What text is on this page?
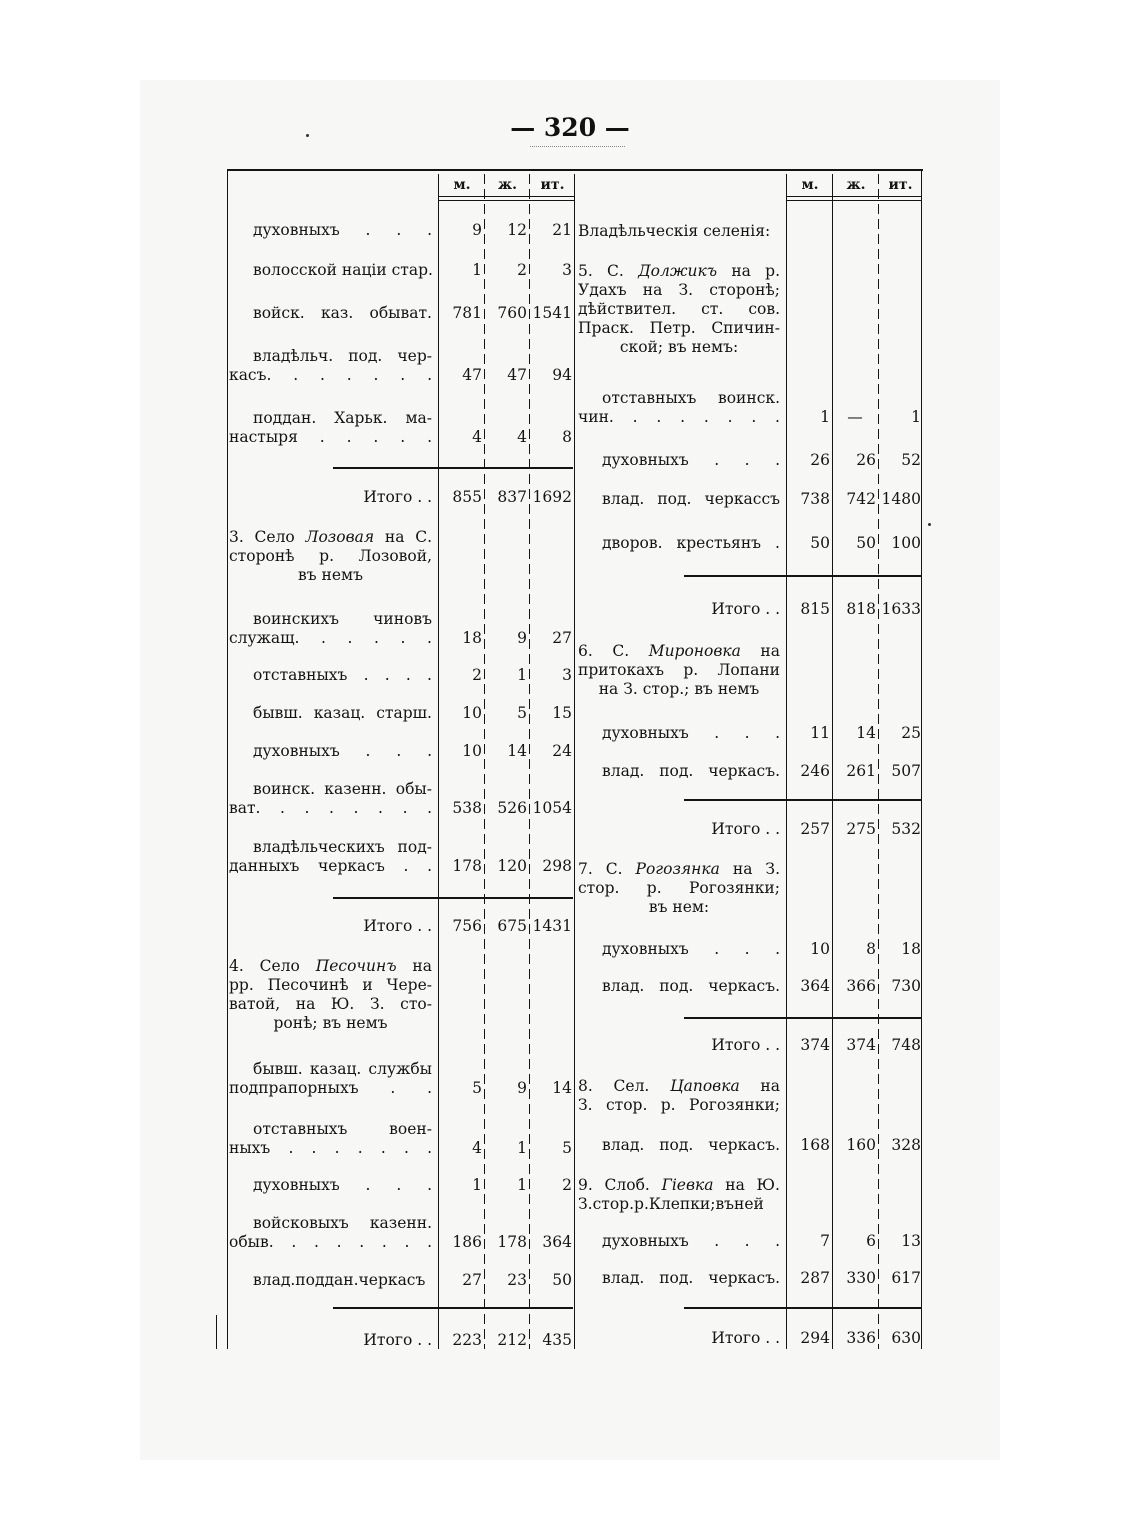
— 320 —
м.	ж.	ит.	м.	ж.	ит.
духовныхъ . . .	9	12	21
волосской націи стар.	1	2	3
войск. каз. обыват.	781 760 1541
владѣльч. под. чер-
касъ. . . . . . .	47	47	94
поддан. Харьк. ма-
настыря . . . . .	4	4	8
Итого . .	855 837 1692
3. Село Лозовая на С.
сторонѣ р. Лозовой,
въ немъ
воинскихъ чиновъ
служащ. . . . . .	18	9	27
отставныхъ . . . .	2	1	3
бывш. казац. старш.	10	5	15
духовныхъ . . .	10	14	24
воинск. казенн. обы-
ват. . . . . . . .	538 526 1054
владѣльческихъ под-
данныхъ черкасъ . .	178 120 298
Итого . .	756 675 1431
4. Село Песочинъ на
рр. Песочинѣ и Чере-
ватой, на Ю. З. сто-
ронѣ; въ немъ
бывш. казац. службы
подпрапорныхъ . .	5	9	14
отставныхъ воен-
ныхъ . . . . . . .	4	1	5
духовныхъ . . .	1	1	2
войсковыхъ казенн.
обыв. . . . . . . .	186 178 364
влад.поддан.черкасъ	27	23	50
Итого . .	223 212 435
Владѣльческія селенія:
5. С. Должикъ на р.
Удахъ на З. сторонѣ;
дѣйствител. ст. сов.
Праск. Петр. Спичин-
ской; въ немъ:
отставныхъ воинск.
чин. . . . . . . .	1	—	1
духовныхъ . . .	26	26	52
влад. под. черкассъ	738	742 1480
дворов. крестьянъ .	50	50 100
Итого . .	815	818 1633
6. С. Мироновка на
притокахъ р. Лопани
на З. стор.; въ немъ
духовныхъ . . .	11	14	25
влад. под. черкасъ.	246	261 507
Итого . .	257	275 532
7. С. Рогозянка на З.
стор. р. Рогозянки;
въ нем:
духовныхъ . . .	10	8	18
влад. под. черкасъ.	364	366 730
Итого . .	374	374 748
8. Сел. Цаповка на
З. стор. р. Рогозянки;
влад. под. черкасъ.	168	160 328
9. Слоб. Гіевка на Ю.
З.стор.р.Клепки;вънeй
духовныхъ . . .	7	6	13
влад. под. черкасъ.	287	330 617
Итого . .	294	336 630
